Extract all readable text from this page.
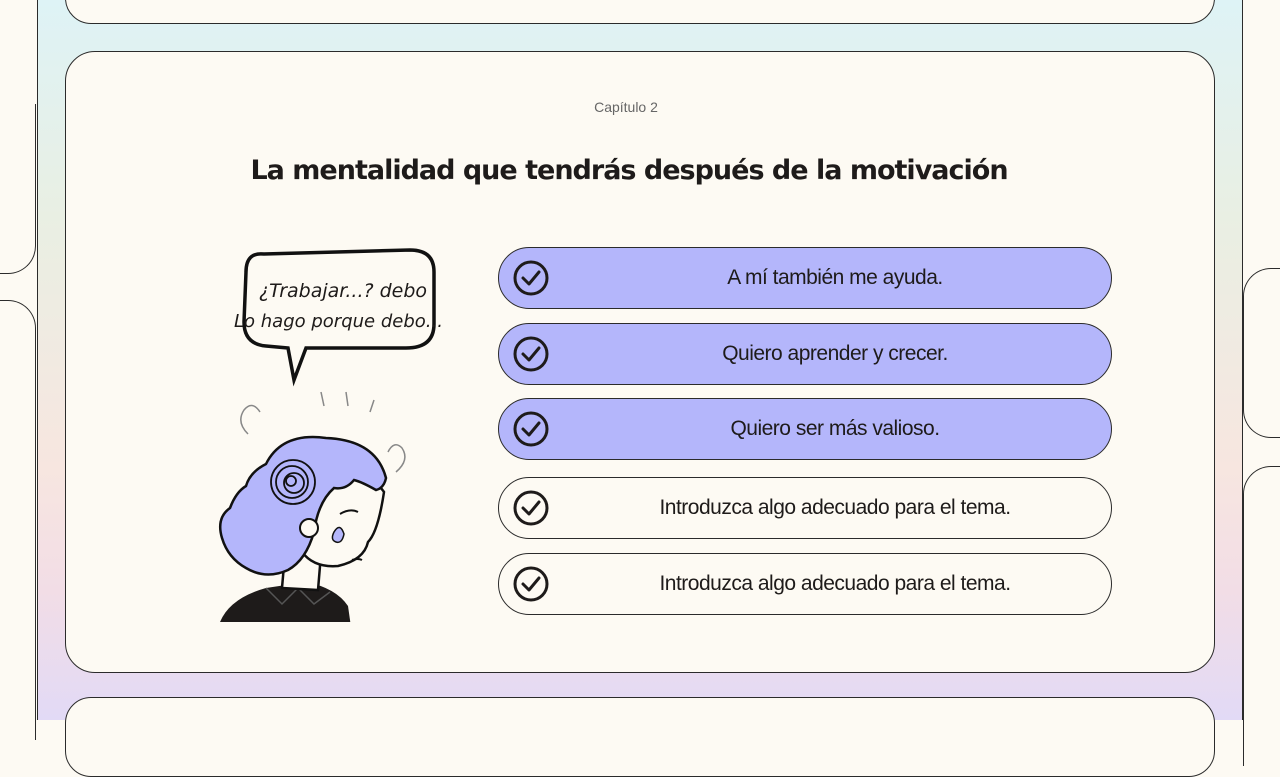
Capítulo 2
La mentalidad que tendrás después de la motivación
¿Trabajar...? debo
Lo hago porque debo...
A mí también me ayuda.
Quiero aprender y crecer.
Quiero ser más valioso.
Introduzca algo adecuado para el tema.
Introduzca algo adecuado para el tema.
